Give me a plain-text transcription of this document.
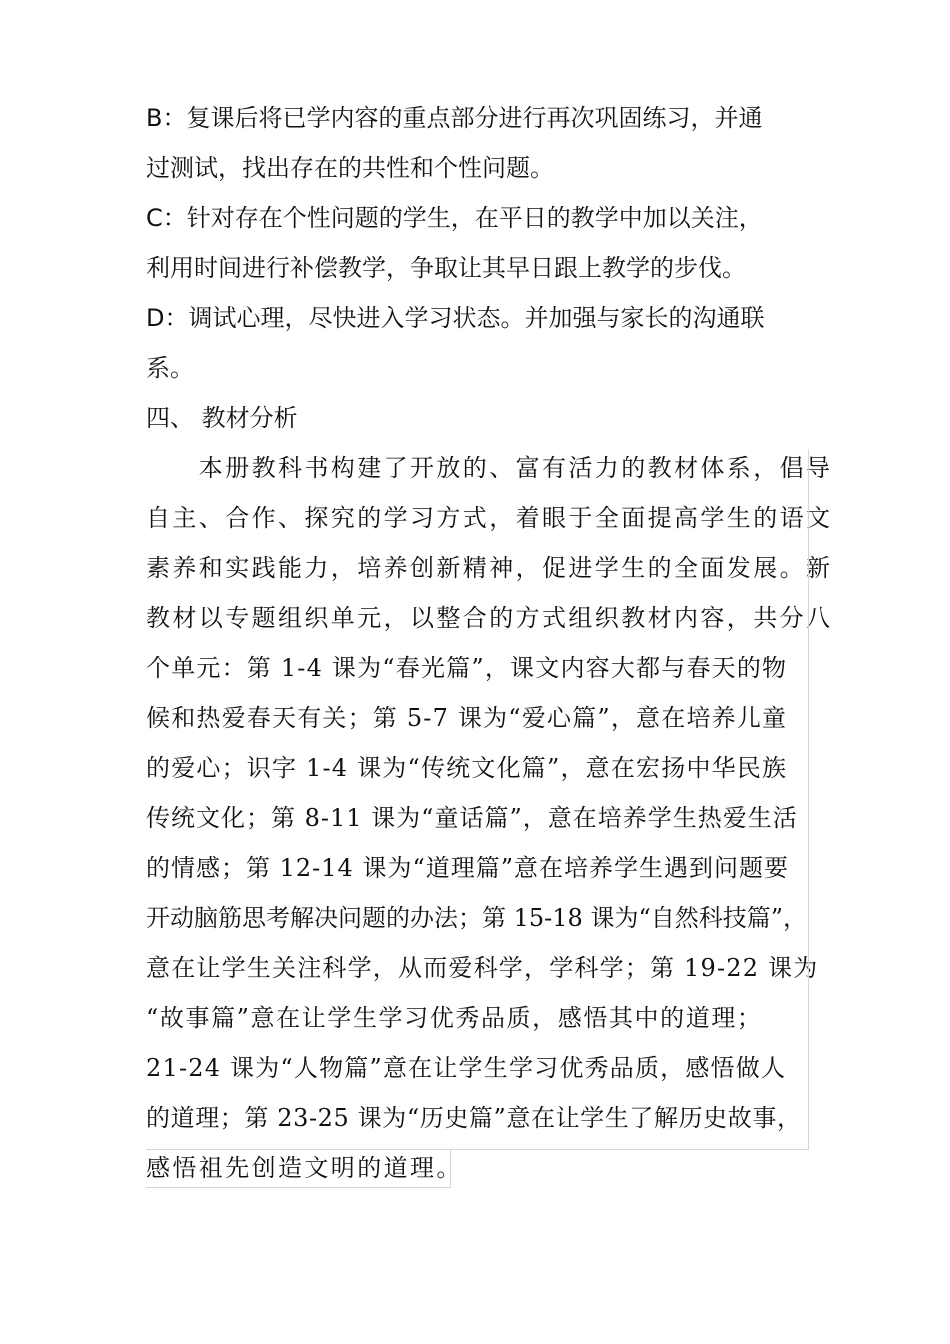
B：复课后将已学内容的重点部分进行再次巩固练习，并通
过测试，找出存在的共性和个性问题。
C：针对存在个性问题的学生，在平日的教学中加以关注，
利用时间进行补偿教学，争取让其早日跟上教学的步伐。
D：调试心理，尽快进入学习状态。并加强与家长的沟通联
系。
四、 教材分析
　　本册教科书构建了开放的、富有活力的教材体系，倡导
自主、合作、探究的学习方式，着眼于全面提高学生的语文
素养和实践能力，培养创新精神，促进学生的全面发展。新
教材以专题组织单元，以整合的方式组织教材内容，共分八
个单元：第 1-4 课为“春光篇”，课文内容大都与春天的物
候和热爱春天有关；第 5-7 课为“爱心篇”，意在培养儿童
的爱心；识字 1-4 课为“传统文化篇”，意在宏扬中华民族
传统文化；第 8-11 课为“童话篇”，意在培养学生热爱生活
的情感；第 12-14 课为“道理篇”意在培养学生遇到问题要
开动脑筋思考解决问题的办法；第 15-18 课为“自然科技篇”，
意在让学生关注科学，从而爱科学，学科学；第 19-22 课为
“故事篇”意在让学生学习优秀品质，感悟其中的道理；
21-24 课为“人物篇”意在让学生学习优秀品质，感悟做人
的道理；第 23-25 课为“历史篇”意在让学生了解历史故事，
感悟祖先创造文明的道理。
